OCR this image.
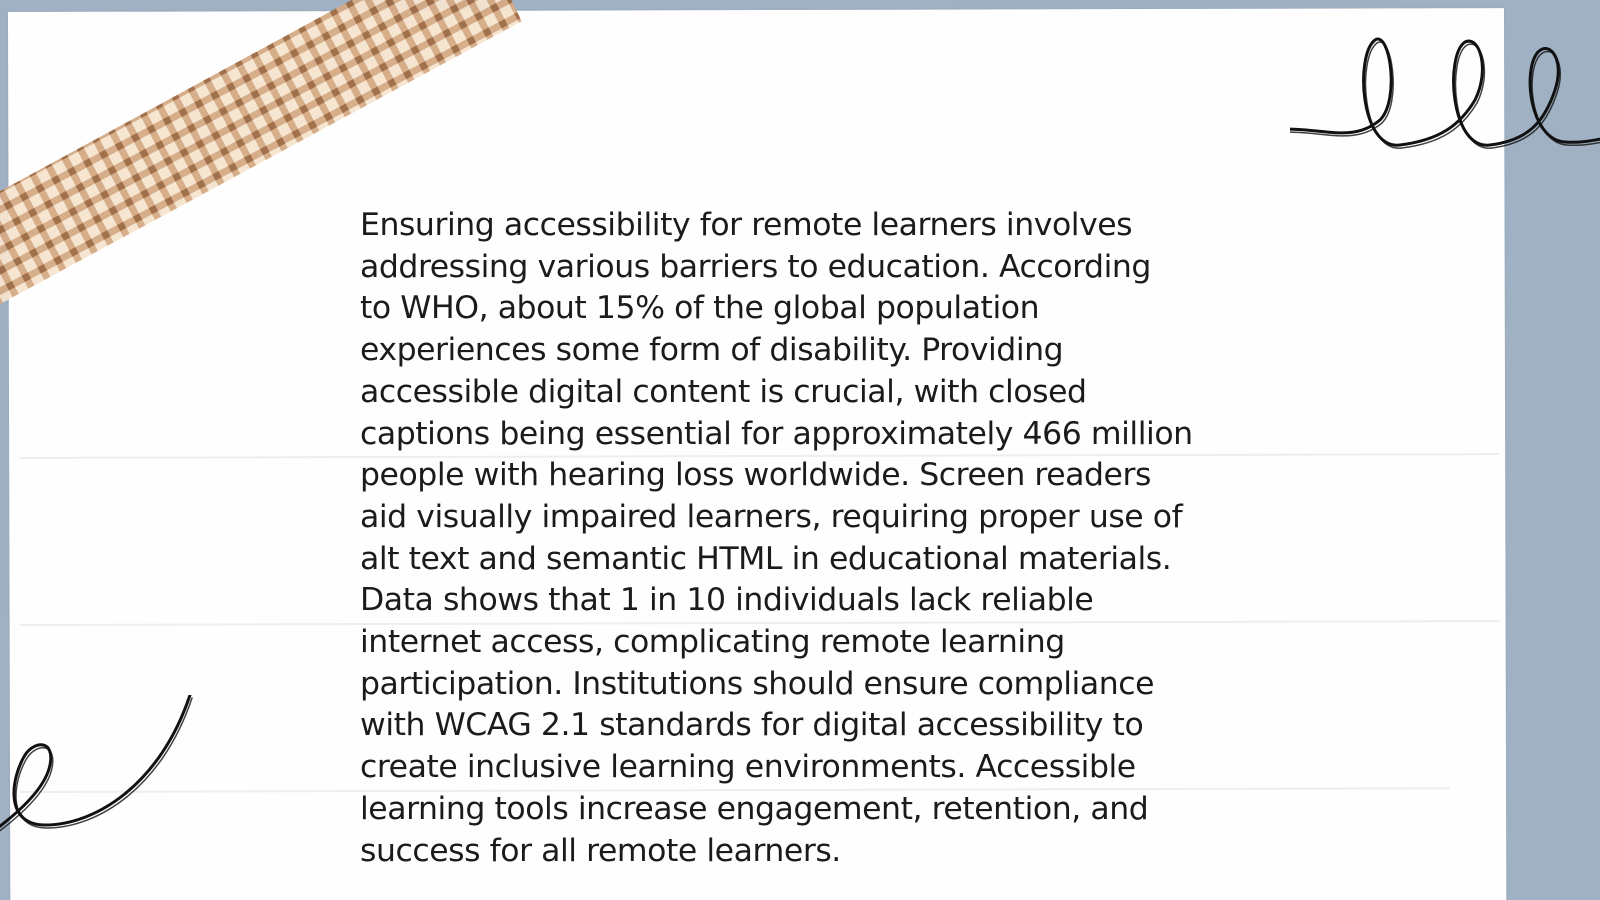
Ensuring accessibility for remote learners involves
addressing various barriers to education. According
to WHO, about 15% of the global population
experiences some form of disability. Providing
accessible digital content is crucial, with closed
captions being essential for approximately 466 million
people with hearing loss worldwide. Screen readers
aid visually impaired learners, requiring proper use of
alt text and semantic HTML in educational materials.
Data shows that 1 in 10 individuals lack reliable
internet access, complicating remote learning
participation. Institutions should ensure compliance
with WCAG 2.1 standards for digital accessibility to
create inclusive learning environments. Accessible
learning tools increase engagement, retention, and
success for all remote learners.
